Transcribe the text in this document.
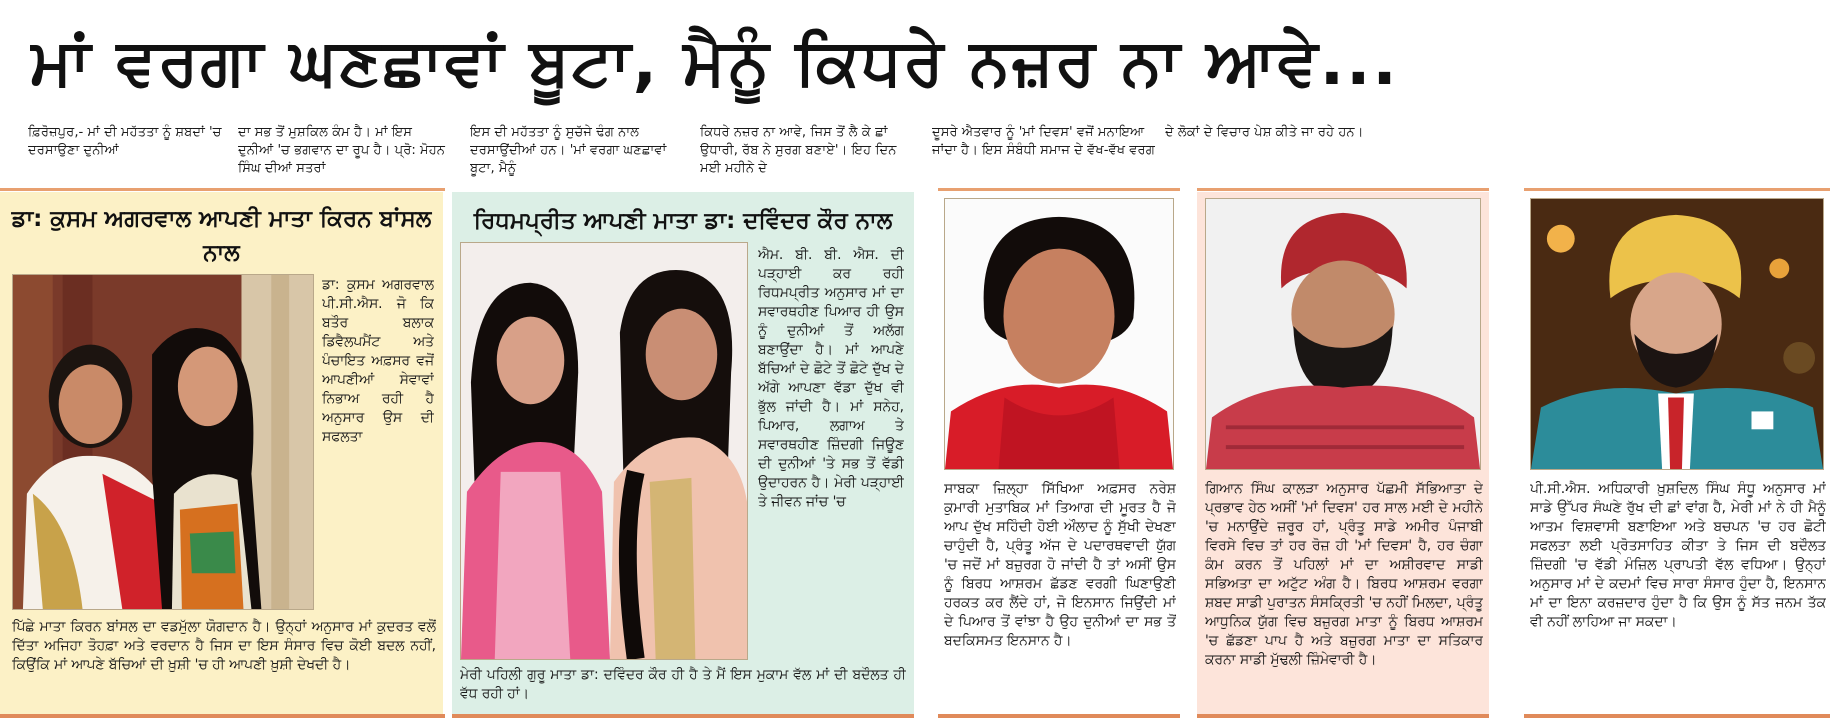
ਮਾਂ ਵਰਗਾ ਘਣਛਾਵਾਂ ਬੂਟਾ, ਮੈਨੂੰ ਕਿਧਰੇ ਨਜ਼ਰ ਨਾ ਆਵੇ...
ਫ਼ਿਰੋਜ਼ਪੁਰ,- ਮਾਂ ਦੀ ਮਹੱਤਤਾ ਨੂੰ ਸ਼ਬਦਾਂ 'ਚ ਦਰਸਾਉਣਾ ਦੁਨੀਆਂ
ਦਾ ਸਭ ਤੋਂ ਮੁਸ਼ਕਿਲ ਕੰਮ ਹੈ। ਮਾਂ ਇਸ ਦੁਨੀਆਂ 'ਚ ਭਗਵਾਨ ਦਾ ਰੂਪ ਹੈ। ਪ੍ਰੋ: ਮੋਹਨ ਸਿੰਘ ਦੀਆਂ ਸਤਰਾਂ
ਇਸ ਦੀ ਮਹੱਤਤਾ ਨੂੰ ਸੁਚੱਜੇ ਢੰਗ ਨਾਲ ਦਰਸਾਉਂਦੀਆਂ ਹਨ। 'ਮਾਂ ਵਰਗਾ ਘਣਛਾਵਾਂ ਬੂਟਾ, ਮੈਨੂੰ
ਕਿਧਰੇ ਨਜ਼ਰ ਨਾ ਆਵੇ, ਜਿਸ ਤੋਂ ਲੈ ਕੇ ਛਾਂ ਉਧਾਰੀ, ਰੱਬ ਨੇ ਸੁਰਗ ਬਣਾਏ'। ਇਹ ਦਿਨ ਮਈ ਮਹੀਨੇ ਦੇ
ਦੂਸਰੇ ਐਤਵਾਰ ਨੂੰ 'ਮਾਂ ਦਿਵਸ' ਵਜੋਂ ਮਨਾਇਆ ਜਾਂਦਾ ਹੈ। ਇਸ ਸੰਬੰਧੀ ਸਮਾਜ ਦੇ ਵੱਖ-ਵੱਖ ਵਰਗ
ਦੇ ਲੋਕਾਂ ਦੇ ਵਿਚਾਰ ਪੇਸ਼ ਕੀਤੇ ਜਾ ਰਹੇ ਹਨ।
ਡਾ: ਕੁਸਮ ਅਗਰਵਾਲ ਆਪਣੀ ਮਾਤਾ ਕਿਰਨ ਬਾਂਸਲ ਨਾਲ
ਡਾ: ਕੁਸਮ ਅਗਰਵਾਲ ਪੀ.ਸੀ.ਐਸ. ਜੋ ਕਿ ਬਤੌਰ ਬਲਾਕ ਡਿਵੈਲਪਮੈਂਟ ਅਤੇ ਪੰਚਾਇਤ ਅਫ਼ਸਰ ਵਜੋਂ ਆਪਣੀਆਂ ਸੇਵਾਵਾਂ ਨਿਭਾਅ ਰਹੀ ਹੈ ਅਨੁਸਾਰ ਉਸ ਦੀ ਸਫਲਤਾ
ਪਿੱਛੇ ਮਾਤਾ ਕਿਰਨ ਬਾਂਸਲ ਦਾ ਵਡਮੁੱਲਾ ਯੋਗਦਾਨ ਹੈ। ਉਨ੍ਹਾਂ ਅਨੁਸਾਰ ਮਾਂ ਕੁਦਰਤ ਵਲੋਂ ਦਿੱਤਾ ਅਜਿਹਾ ਤੋਹਫ਼ਾ ਅਤੇ ਵਰਦਾਨ ਹੈ ਜਿਸ ਦਾ ਇਸ ਸੰਸਾਰ ਵਿਚ ਕੋਈ ਬਦਲ ਨਹੀਂ, ਕਿਉਂਕਿ ਮਾਂ ਆਪਣੇ ਬੱਚਿਆਂ ਦੀ ਖ਼ੁਸ਼ੀ 'ਚ ਹੀ ਆਪਣੀ ਖ਼ੁਸ਼ੀ ਦੇਖਦੀ ਹੈ।
ਰਿਧਮਪ੍ਰੀਤ ਆਪਣੀ ਮਾਤਾ ਡਾ: ਦਵਿੰਦਰ ਕੌਰ ਨਾਲ
ਐਮ. ਬੀ. ਬੀ. ਐਸ. ਦੀ ਪੜ੍ਹਾਈ ਕਰ ਰਹੀ ਰਿਧਮਪ੍ਰੀਤ ਅਨੁਸਾਰ ਮਾਂ ਦਾ ਸਵਾਰਥਹੀਣ ਪਿਆਰ ਹੀ ਉਸ ਨੂੰ ਦੁਨੀਆਂ ਤੋਂ ਅਲੱਗ ਬਣਾਉਂਦਾ ਹੈ। ਮਾਂ ਆਪਣੇ ਬੱਚਿਆਂ ਦੇ ਛੋਟੇ ਤੋਂ ਛੋਟੇ ਦੁੱਖ ਦੇ ਅੱਗੇ ਆਪਣਾ ਵੱਡਾ ਦੁੱਖ ਵੀ ਭੁੱਲ ਜਾਂਦੀ ਹੈ। ਮਾਂ ਸਨੇਹ, ਪਿਆਰ, ਲਗਾਅ ਤੇ ਸਵਾਰਥਹੀਣ ਜ਼ਿੰਦਗੀ ਜਿਊਣ ਦੀ ਦੁਨੀਆਂ 'ਤੇ ਸਭ ਤੋਂ ਵੱਡੀ ਉਦਾਹਰਨ ਹੈ। ਮੇਰੀ ਪੜ੍ਹਾਈ ਤੇ ਜੀਵਨ ਜਾਂਚ 'ਚ
ਮੇਰੀ ਪਹਿਲੀ ਗੁਰੂ ਮਾਤਾ ਡਾ: ਦਵਿੰਦਰ ਕੌਰ ਹੀ ਹੈ ਤੇ ਮੈਂ ਇਸ ਮੁਕਾਮ ਵੱਲ ਮਾਂ ਦੀ ਬਦੌਲਤ ਹੀ ਵੱਧ ਰਹੀ ਹਾਂ।
ਸਾਬਕਾ ਜ਼ਿਲ੍ਹਾ ਸਿੱਖਿਆ ਅਫ਼ਸਰ ਨਰੇਸ਼ ਕੁਮਾਰੀ ਮੁਤਾਬਿਕ ਮਾਂ ਤਿਆਗ ਦੀ ਮੂਰਤ ਹੈ ਜੋ ਆਪ ਦੁੱਖ ਸਹਿੰਦੀ ਹੋਈ ਔਲਾਦ ਨੂੰ ਸੁੱਖੀ ਦੇਖਣਾ ਚਾਹੁੰਦੀ ਹੈ, ਪ੍ਰੰਤੂ ਅੱਜ ਦੇ ਪਦਾਰਥਵਾਦੀ ਯੁੱਗ 'ਚ ਜਦੋਂ ਮਾਂ ਬਜ਼ੁਰਗ ਹੋ ਜਾਂਦੀ ਹੈ ਤਾਂ ਅਸੀਂ ਉਸ ਨੂੰ ਬਿਰਧ ਆਸ਼ਰਮ ਛੱਡਣ ਵਰਗੀ ਘਿਣਾਉਣੀ ਹਰਕਤ ਕਰ ਲੈਂਦੇ ਹਾਂ, ਜੋ ਇਨਸਾਨ ਜਿਉਂਦੀ ਮਾਂ ਦੇ ਪਿਆਰ ਤੋਂ ਵਾਂਝਾ ਹੈ ਉਹ ਦੁਨੀਆਂ ਦਾ ਸਭ ਤੋਂ ਬਦਕਿਸਮਤ ਇਨਸਾਨ ਹੈ।
ਗਿਆਨ ਸਿੰਘ ਕਾਲੜਾ ਅਨੁਸਾਰ ਪੱਛਮੀ ਸੱਭਿਆਤਾ ਦੇ ਪ੍ਰਭਾਵ ਹੇਠ ਅਸੀਂ 'ਮਾਂ ਦਿਵਸ' ਹਰ ਸਾਲ ਮਈ ਦੇ ਮਹੀਨੇ 'ਚ ਮਨਾਉਂਦੇ ਜ਼ਰੂਰ ਹਾਂ, ਪ੍ਰੰਤੂ ਸਾਡੇ ਅਮੀਰ ਪੰਜਾਬੀ ਵਿਰਸੇ ਵਿਚ ਤਾਂ ਹਰ ਰੋਜ਼ ਹੀ 'ਮਾਂ ਦਿਵਸ' ਹੈ, ਹਰ ਚੰਗਾ ਕੰਮ ਕਰਨ ਤੋਂ ਪਹਿਲਾਂ ਮਾਂ ਦਾ ਅਸ਼ੀਰਵਾਦ ਸਾਡੀ ਸਭਿਅਤਾ ਦਾ ਅਟੁੱਟ ਅੰਗ ਹੈ। ਬਿਰਧ ਆਸ਼ਰਮ ਵਰਗਾ ਸ਼ਬਦ ਸਾਡੀ ਪੁਰਾਤਨ ਸੰਸਕ੍ਰਿਤੀ 'ਚ ਨਹੀਂ ਮਿਲਦਾ, ਪ੍ਰੰਤੂ ਆਧੁਨਿਕ ਯੁੱਗ ਵਿਚ ਬਜ਼ੁਰਗ ਮਾਤਾ ਨੂੰ ਬਿਰਧ ਆਸ਼ਰਮ 'ਚ ਛੱਡਣਾ ਪਾਪ ਹੈ ਅਤੇ ਬਜ਼ੁਰਗ ਮਾਤਾ ਦਾ ਸਤਿਕਾਰ ਕਰਨਾ ਸਾਡੀ ਮੁੱਢਲੀ ਜ਼ਿੰਮੇਵਾਰੀ ਹੈ।
ਪੀ.ਸੀ.ਐਸ. ਅਧਿਕਾਰੀ ਖ਼ੁਸ਼ਦਿਲ ਸਿੰਘ ਸੰਧੂ ਅਨੁਸਾਰ ਮਾਂ ਸਾਡੇ ਉੱਪਰ ਸੰਘਣੇ ਰੁੱਖ ਦੀ ਛਾਂ ਵਾਂਗ ਹੈ, ਮੇਰੀ ਮਾਂ ਨੇ ਹੀ ਮੈਨੂੰ ਆਤਮ ਵਿਸ਼ਵਾਸੀ ਬਣਾਇਆ ਅਤੇ ਬਚਪਨ 'ਚ ਹਰ ਛੋਟੀ ਸਫਲਤਾ ਲਈ ਪ੍ਰੋਤਸਾਹਿਤ ਕੀਤਾ ਤੇ ਜਿਸ ਦੀ ਬਦੌਲਤ ਜ਼ਿੰਦਗੀ 'ਚ ਵੱਡੀ ਮੰਜ਼ਿਲ ਪ੍ਰਾਪਤੀ ਵੱਲ ਵਧਿਆ। ਉਨ੍ਹਾਂ ਅਨੁਸਾਰ ਮਾਂ ਦੇ ਕਦਮਾਂ ਵਿਚ ਸਾਰਾ ਸੰਸਾਰ ਹੁੰਦਾ ਹੈ, ਇਨਸਾਨ ਮਾਂ ਦਾ ਇਨਾ ਕਰਜ਼ਦਾਰ ਹੁੰਦਾ ਹੈ ਕਿ ਉਸ ਨੂੰ ਸੱਤ ਜਨਮ ਤੱਕ ਵੀ ਨਹੀਂ ਲਾਹਿਆ ਜਾ ਸਕਦਾ।
